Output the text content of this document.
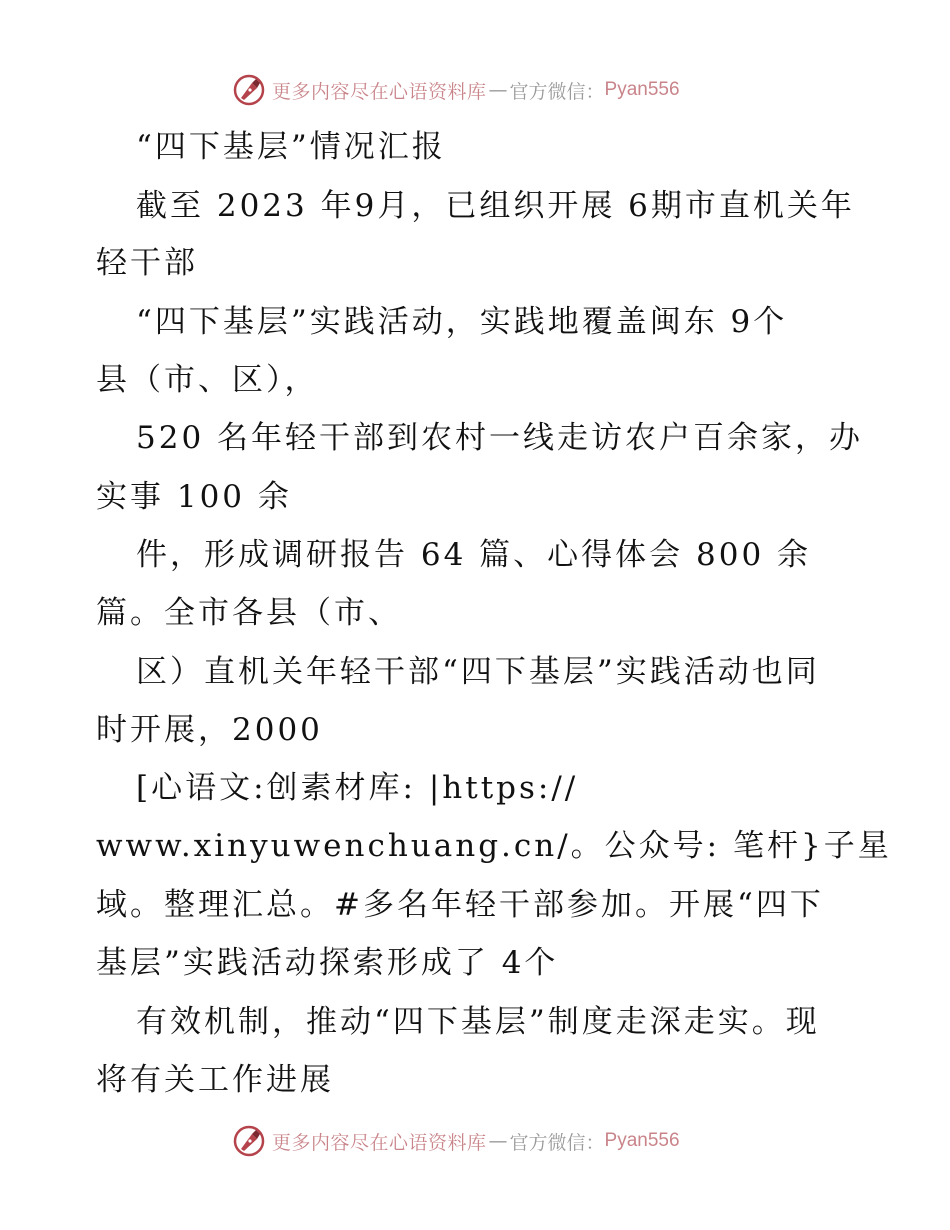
更多内容尽在心语资料库 — 官方微信： Pyan556
“四下基层”情况汇报
截至 2023 年9月，已组织开展 6期市直机关年
轻干部
“四下基层”实践活动，实践地覆盖闽东 9个
县（市、区），
520 名年轻干部到农村一线走访农户百余家，办
实事 100 余
件，形成调研报告 64 篇、心得体会 800 余
篇。全市各县（市、
区）直机关年轻干部“四下基层”实践活动也同
时开展，2000
[心语文:创素材库: |https://
www.xinyuwenchuang.cn/。公众号: 笔杆}子星
域。整理汇总。#多名年轻干部参加。开展“四下
基层”实践活动探索形成了 4个
有效机制，推动“四下基层”制度走深走实。现
将有关工作进展
更多内容尽在心语资料库 — 官方微信： Pyan556
